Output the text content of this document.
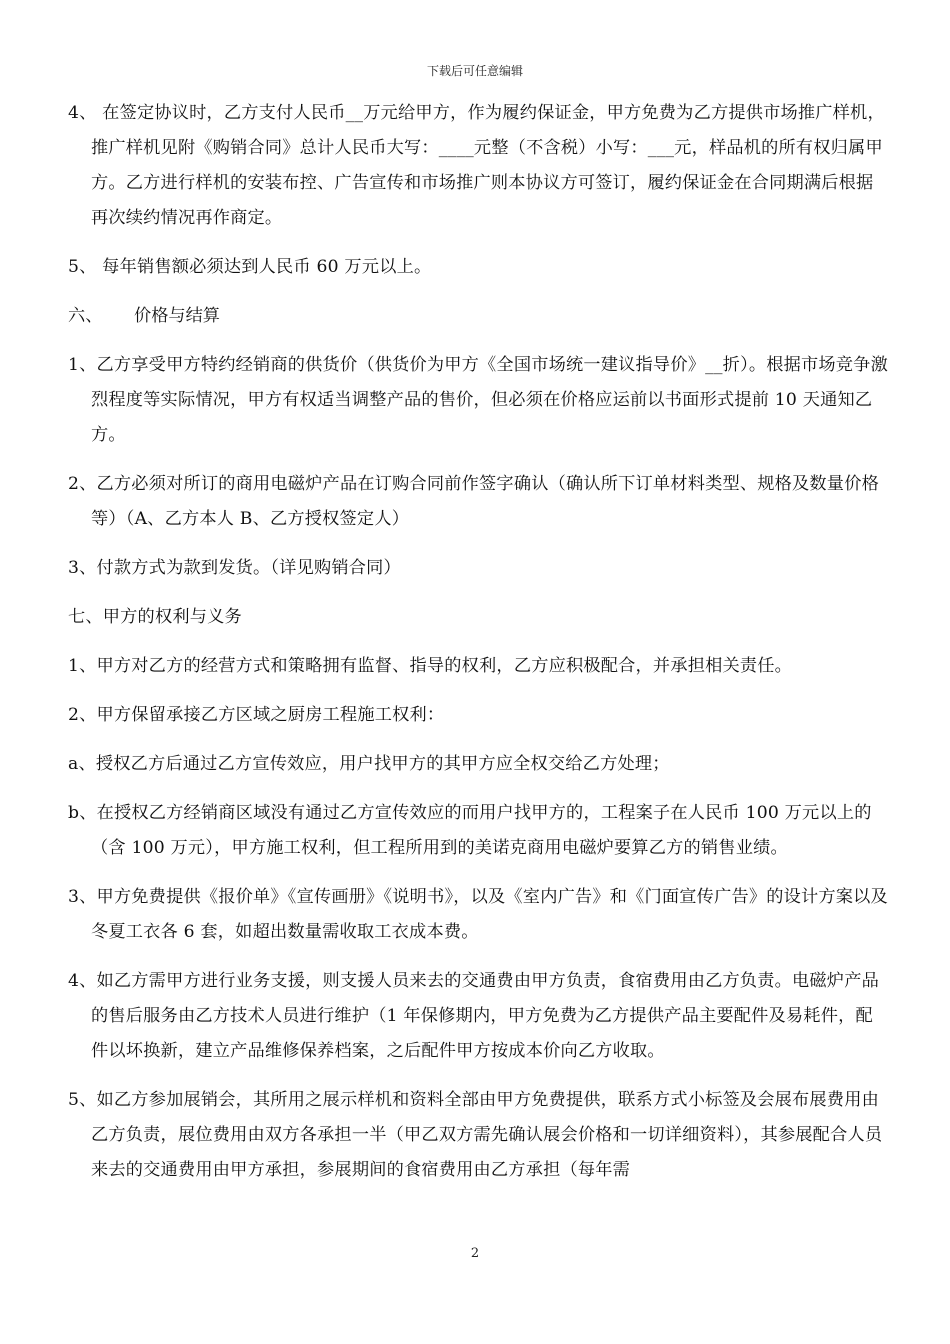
下载后可任意编辑

4、 在签定协议时，乙方支付人民币__万元给甲方，作为履约保证金，甲方免费为乙方提供市场推广样机，推广样机见附《购销合同》总计人民币大写：____元整（不含税）小写：___元，样品机的所有权归属甲方。乙方进行样机的安装布控、广告宣传和市场推广则本协议方可签订，履约保证金在合同期满后根据再次续约情况再作商定。

5、 每年销售额必须达到人民币 60 万元以上。

六、 价格与结算

1、乙方享受甲方特约经销商的供货价（供货价为甲方《全国市场统一建议指导价》__折）。根据市场竞争激烈程度等实际情况，甲方有权适当调整产品的售价，但必须在价格应运前以书面形式提前 10 天通知乙方。

2、乙方必须对所订的商用电磁炉产品在订购合同前作签字确认（确认所下订单材料类型、规格及数量价格等）（A、乙方本人 B、乙方授权签定人）

3、付款方式为款到发货。（详见购销合同）

七、甲方的权利与义务

1、甲方对乙方的经营方式和策略拥有监督、指导的权利，乙方应积极配合，并承担相关责任。

2、甲方保留承接乙方区域之厨房工程施工权利：

a、授权乙方后通过乙方宣传效应，用户找甲方的其甲方应全权交给乙方处理；

b、在授权乙方经销商区域没有通过乙方宣传效应的而用户找甲方的，工程案子在人民币 100 万元以上的（含 100 万元），甲方施工权利，但工程所用到的美诺克商用电磁炉要算乙方的销售业绩。

3、甲方免费提供《报价单》《宣传画册》《说明书》，以及《室内广告》和《门面宣传广告》的设计方案以及冬夏工衣各 6 套，如超出数量需收取工衣成本费。

4、如乙方需甲方进行业务支援，则支援人员来去的交通费由甲方负责，食宿费用由乙方负责。电磁炉产品的售后服务由乙方技术人员进行维护（1 年保修期内，甲方免费为乙方提供产品主要配件及易耗件，配件以坏换新，建立产品维修保养档案，之后配件甲方按成本价向乙方收取。

5、如乙方参加展销会，其所用之展示样机和资料全部由甲方免费提供，联系方式小标签及会展布展费用由乙方负责，展位费用由双方各承担一半（甲乙双方需先确认展会价格和一切详细资料），其参展配合人员来去的交通费用由甲方承担，参展期间的食宿费用由乙方承担（每年需

2
